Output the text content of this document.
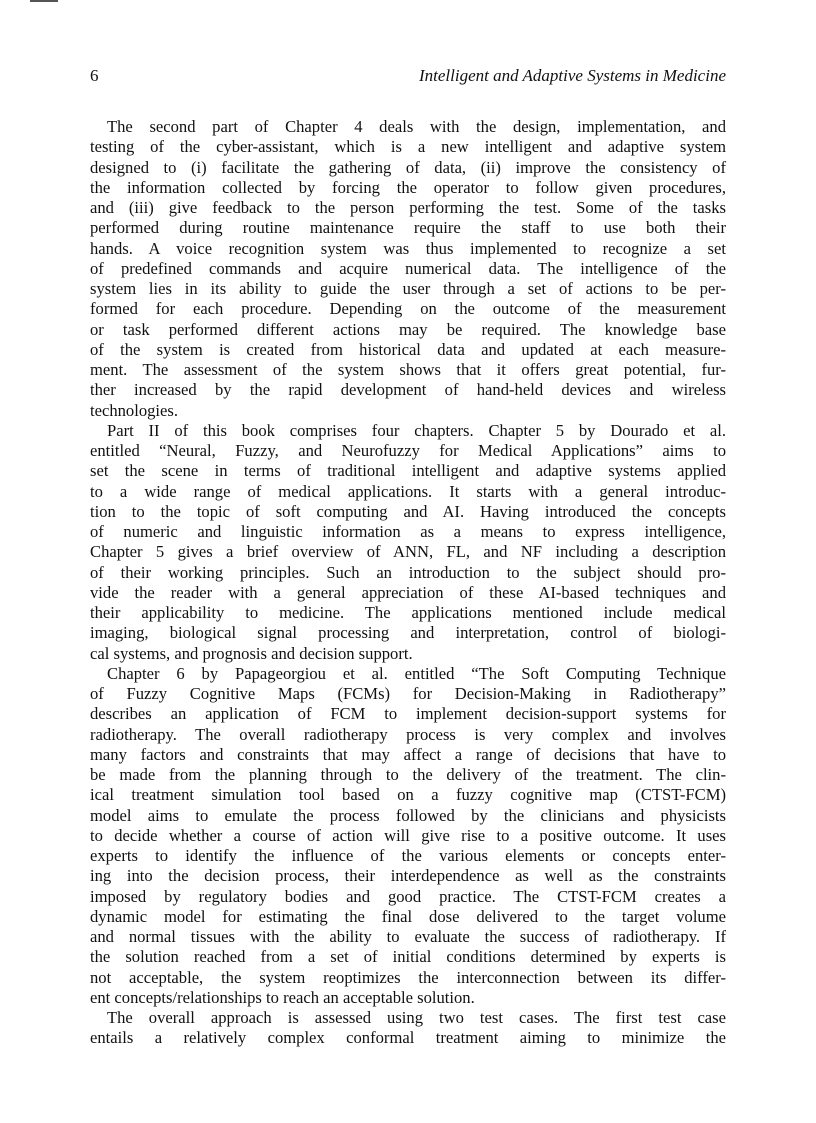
6	Intelligent and Adaptive Systems in Medicine
The second part of Chapter 4 deals with the design, implementation, and
testing of the cyber-assistant, which is a new intelligent and adaptive system
designed to (i) facilitate the gathering of data, (ii) improve the consistency of
the information collected by forcing the operator to follow given procedures,
and (iii) give feedback to the person performing the test. Some of the tasks
performed during routine maintenance require the staff to use both their
hands. A voice recognition system was thus implemented to recognize a set
of predefined commands and acquire numerical data. The intelligence of the
system lies in its ability to guide the user through a set of actions to be per-
formed for each procedure. Depending on the outcome of the measurement
or task performed different actions may be required. The knowledge base
of the system is created from historical data and updated at each measure-
ment. The assessment of the system shows that it offers great potential, fur-
ther increased by the rapid development of hand-held devices and wireless
technologies.
Part II of this book comprises four chapters. Chapter 5 by Dourado et al.
entitled “Neural, Fuzzy, and Neurofuzzy for Medical Applications” aims to
set the scene in terms of traditional intelligent and adaptive systems applied
to a wide range of medical applications. It starts with a general introduc-
tion to the topic of soft computing and AI. Having introduced the concepts
of numeric and linguistic information as a means to express intelligence,
Chapter 5 gives a brief overview of ANN, FL, and NF including a description
of their working principles. Such an introduction to the subject should pro-
vide the reader with a general appreciation of these AI-based techniques and
their applicability to medicine. The applications mentioned include medical
imaging, biological signal processing and interpretation, control of biologi-
cal systems, and prognosis and decision support.
Chapter 6 by Papageorgiou et al. entitled “The Soft Computing Technique
of Fuzzy Cognitive Maps (FCMs) for Decision-Making in Radiotherapy”
describes an application of FCM to implement decision-support systems for
radiotherapy. The overall radiotherapy process is very complex and involves
many factors and constraints that may affect a range of decisions that have to
be made from the planning through to the delivery of the treatment. The clin-
ical treatment simulation tool based on a fuzzy cognitive map (CTST-FCM)
model aims to emulate the process followed by the clinicians and physicists
to decide whether a course of action will give rise to a positive outcome. It uses
experts to identify the influence of the various elements or concepts enter-
ing into the decision process, their interdependence as well as the constraints
imposed by regulatory bodies and good practice. The CTST-FCM creates a
dynamic model for estimating the final dose delivered to the target volume
and normal tissues with the ability to evaluate the success of radiotherapy. If
the solution reached from a set of initial conditions determined by experts is
not acceptable, the system reoptimizes the interconnection between its differ-
ent concepts/relationships to reach an acceptable solution.
The overall approach is assessed using two test cases. The first test case
entails a relatively complex conformal treatment aiming to minimize the
